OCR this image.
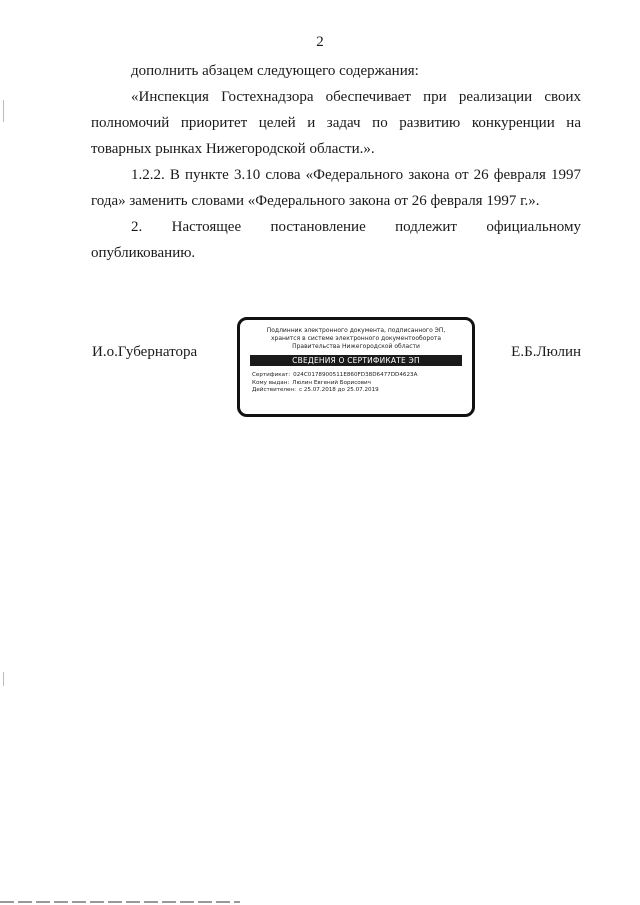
2

дополнить абзацем следующего содержания:

«Инспекция Гостехнадзора обеспечивает при реализации своих полномочий приоритет целей и задач по развитию конкуренции на товарных рынках Нижегородской области.».

1.2.2. В пункте 3.10 слова «Федерального закона от 26 февраля 1997 года» заменить словами «Федерального закона от 26 февраля 1997 г.».

2. Настоящее постановление подлежит официальному опубликованию.

И.о.Губернатора
Подлинник электронного документа, подписанного ЭП,
хранится в системе электронного документооборота
Правительства Нижегородской области
СВЕДЕНИЯ О СЕРТИФИКАТЕ ЭП
Сертификат: 024C0178900511E860FD38D6477DD4623A
Кому выдан: Люлин Евгений Борисович
Действителен: с 25.07.2018 до 25.07.2019
Е.Б.Люлин
